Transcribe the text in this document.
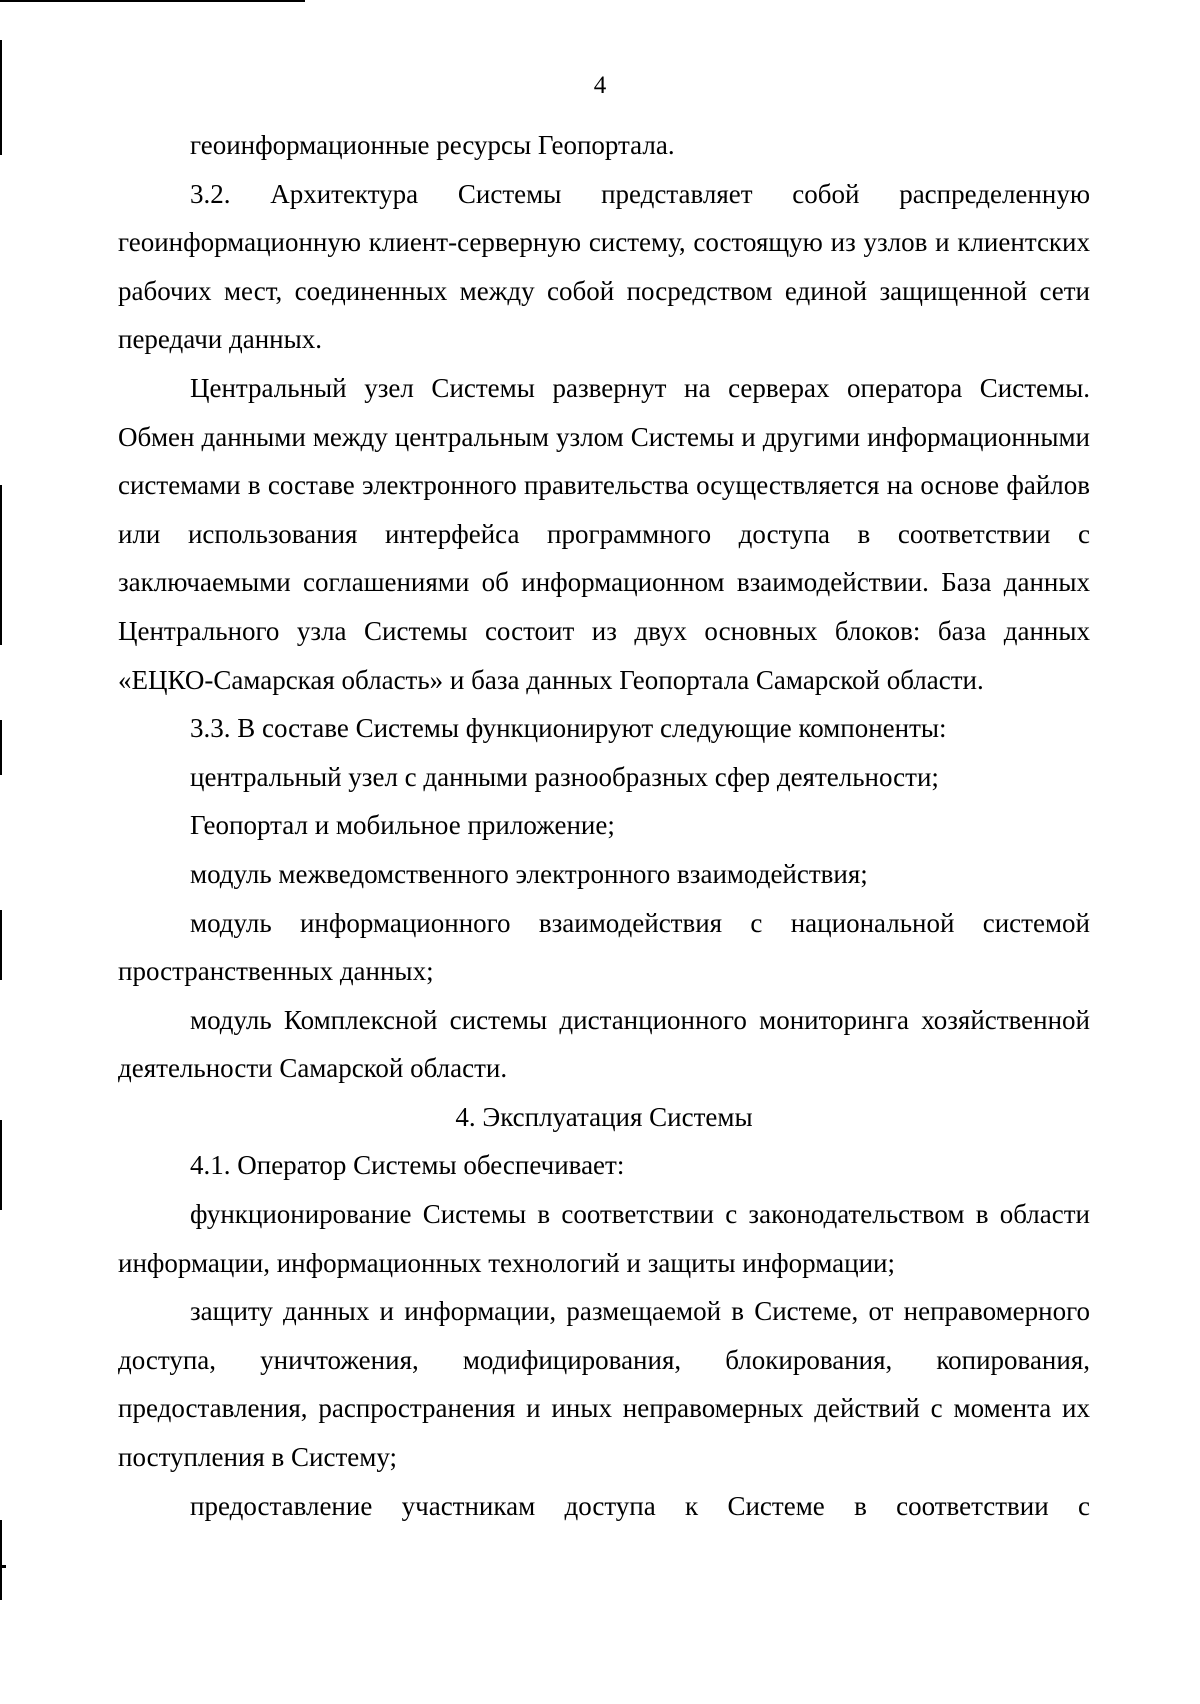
4

геоинформационные ресурсы Геопортала.

3.2. Архитектура Системы представляет собой распределенную геоинформационную клиент-серверную систему, состоящую из узлов и клиентских рабочих мест, соединенных между собой посредством единой защищенной сети передачи данных.

Центральный узел Системы развернут на серверах оператора Системы. Обмен данными между центральным узлом Системы и другими информационными системами в составе электронного правительства осуществляется на основе файлов или использования интерфейса программного доступа в соответствии с заключаемыми соглашениями об информационном взаимодействии. База данных Центрального узла Системы состоит из двух основных блоков: база данных «ЕЦКО-Самарская область» и база данных Геопортала Самарской области.

3.3. В составе Системы функционируют следующие компоненты:

центральный узел с данными разнообразных сфер деятельности;

Геопортал и мобильное приложение;

модуль межведомственного электронного взаимодействия;

модуль информационного взаимодействия с национальной системой пространственных данных;

модуль Комплексной системы дистанционного мониторинга хозяйственной деятельности Самарской области.

4. Эксплуатация Системы

4.1. Оператор Системы обеспечивает:

функционирование Системы в соответствии с законодательством в области информации, информационных технологий и защиты информации;

защиту данных и информации, размещаемой в Системе, от неправомерного доступа, уничтожения, модифицирования, блокирования, копирования, предоставления, распространения и иных неправомерных действий с момента их поступления в Систему;

предоставление участникам доступа к Системе в соответствии с
